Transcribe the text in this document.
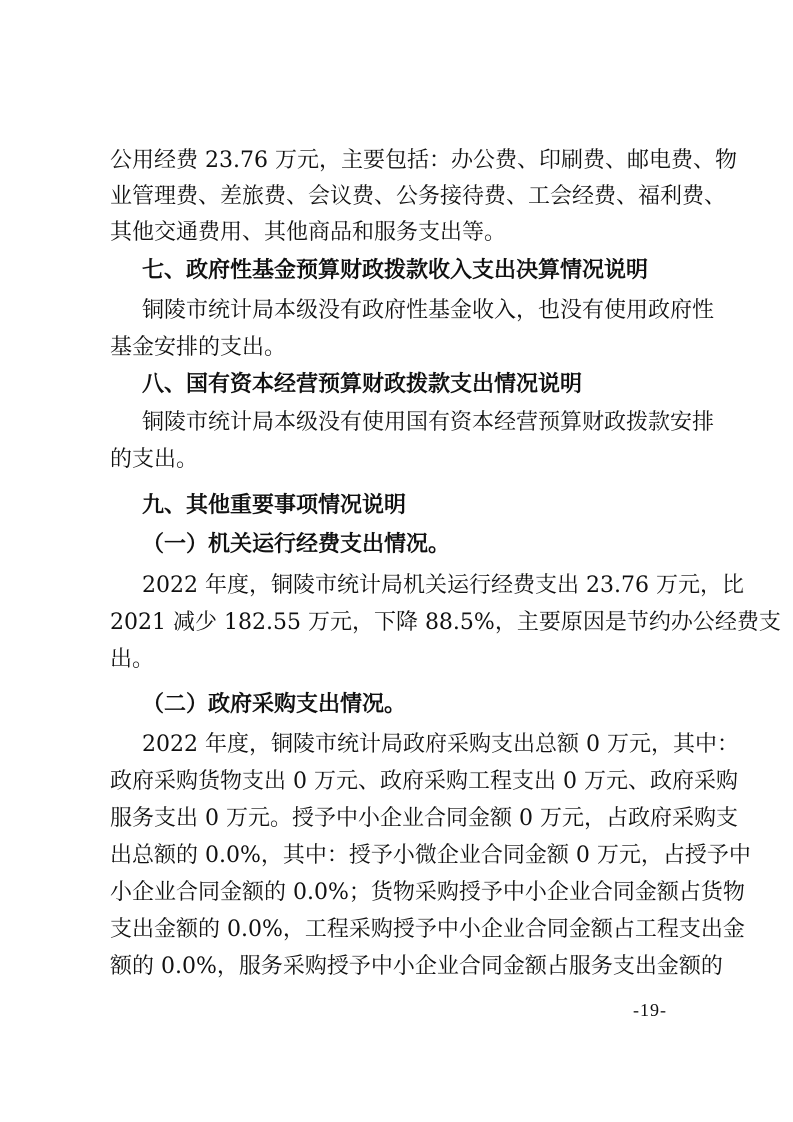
公用经费 23.76 万元，主要包括：办公费、印刷费、邮电费、物
业管理费、差旅费、会议费、公务接待费、工会经费、福利费、
其他交通费用、其他商品和服务支出等。
七、政府性基金预算财政拨款收入支出决算情况说明
铜陵市统计局本级没有政府性基金收入，也没有使用政府性
基金安排的支出。
八、国有资本经营预算财政拨款支出情况说明
铜陵市统计局本级没有使用国有资本经营预算财政拨款安排
的支出。
九、其他重要事项情况说明
（一）机关运行经费支出情况。
2022 年度，铜陵市统计局机关运行经费支出 23.76 万元，比
2021 减少 182.55 万元，下降 88.5%，主要原因是节约办公经费支
出。
（二）政府采购支出情况。
2022 年度，铜陵市统计局政府采购支出总额 0 万元，其中：
政府采购货物支出 0 万元、政府采购工程支出 0 万元、政府采购
服务支出 0 万元。授予中小企业合同金额 0 万元，占政府采购支
出总额的 0.0%，其中：授予小微企业合同金额 0 万元，占授予中
小企业合同金额的 0.0%；货物采购授予中小企业合同金额占货物
支出金额的 0.0%，工程采购授予中小企业合同金额占工程支出金
额的 0.0%，服务采购授予中小企业合同金额占服务支出金额的
-19-
